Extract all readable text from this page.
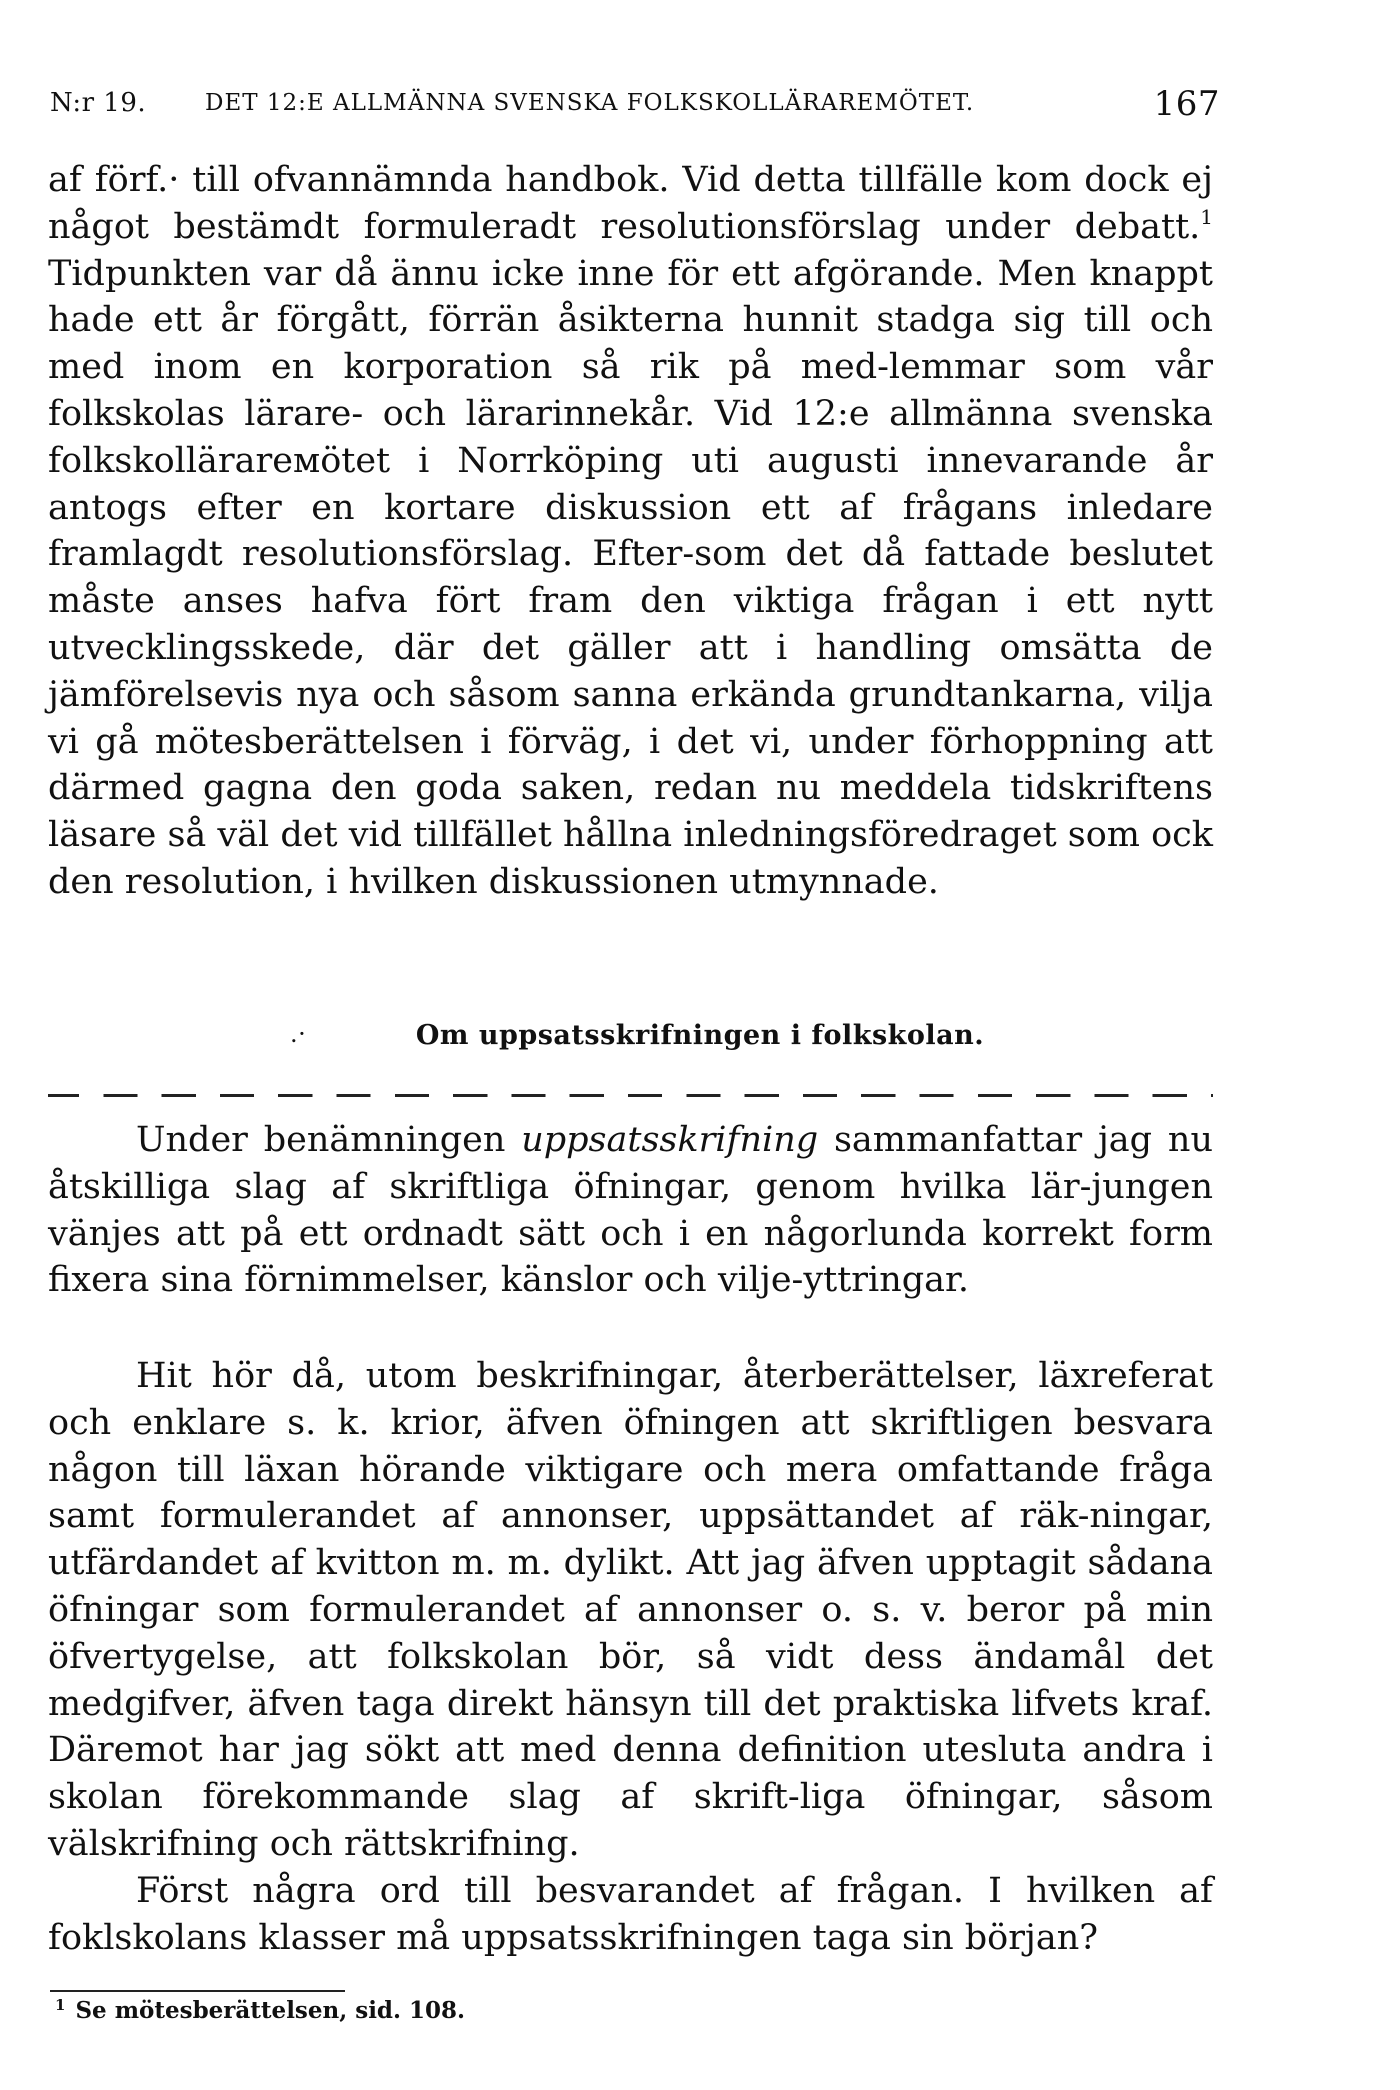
N:r 19.	DET 12:E ALLMÄNNA SVENSKA FOLKSKOLLÄRAREMÖTET.	167

af förf.· till ofvannämnda handbok. Vid detta tillfälle kom dock ej något bestämdt formuleradt resolutionsförslag under debatt.$^1$ Tidpunkten var då ännu icke inne för ett afgörande. Men knappt hade ett år förgått, förrän åsikterna hunnit stadga sig till och med inom en korporation så rik på med-lemmar som vår folkskolas lärare- och lärarinnekår. Vid 12:e allmänna svenska folkskollärarемötet i Norrköping uti augusti innevarande år antogs efter en kortare diskussion ett af frågans inledare framlagdt resolutionsförslag. Efter-som det då fattade beslutet måste anses hafva fört fram den viktiga frågan i ett nytt utvecklingsskede, där det gäller att i handling omsätta de jämförelsevis nya och såsom sanna erkända grundtankarna, vilja vi gå mötesberättelsen i förväg, i det vi, under förhoppning att därmed gagna den goda saken, redan nu meddela tidskriftens läsare så väl det vid tillfället hållna inledningsföredraget som ock den resolution, i hvilken diskussionen utmynnade.

.·	Om uppsatsskrifningen i folkskolan.

Under benämningen uppsatsskrifning sammanfattar jag nu åtskilliga slag af skriftliga öfningar, genom hvilka lär-jungen vänjes att på ett ordnadt sätt och i en någorlunda korrekt form fixera sina förnimmelser, känslor och vilje-yttringar.

Hit hör då, utom beskrifningar, återberättelser, läxreferat och enklare s. k. krior, äfven öfningen att skriftligen besvara någon till läxan hörande viktigare och mera omfattande fråga samt formulerandet af annonser, uppsättandet af räk-ningar, utfärdandet af kvitton m. m. dylikt. Att jag äfven upptagit sådana öfningar som formulerandet af annonser o. s. v. beror på min öfvertygelse, att folkskolan bör, så vidt dess ändamål det medgifver, äfven taga direkt hänsyn till det praktiska lifvets kraf. Däremot har jag sökt att med denna definition utesluta andra i skolan förekommande slag af skrift-liga öfningar, såsom välskrifning och rättskrifning.

Först några ord till besvarandet af frågan. I hvilken af foklskolans klasser må uppsatsskrifningen taga sin början?

$^1$ Se mötesberättelsen, sid. 108.
